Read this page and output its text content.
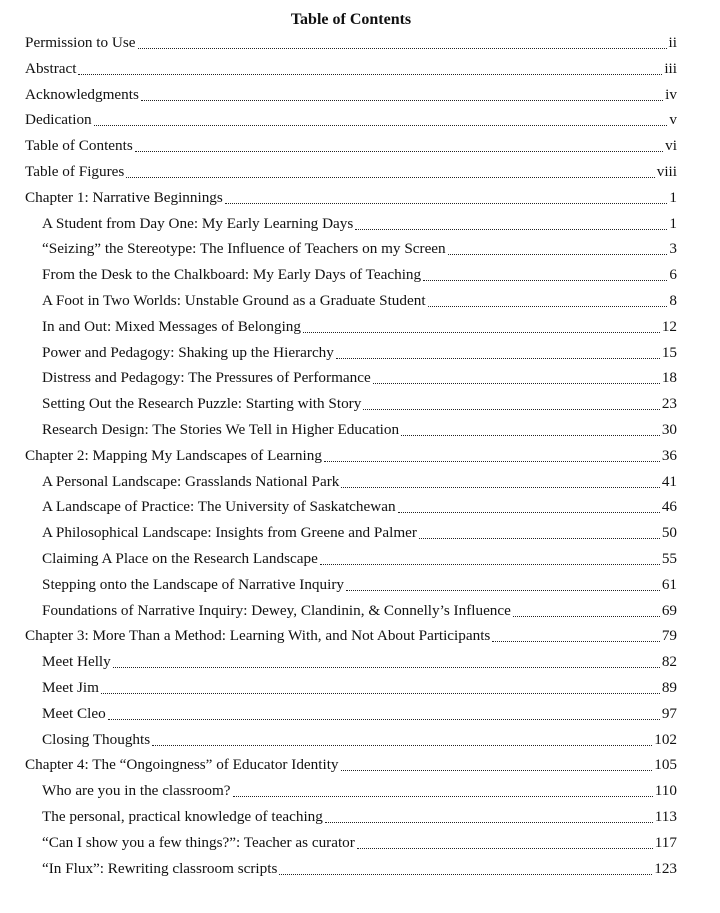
Table of Contents
Permission to Use	ii
Abstract	iii
Acknowledgments	iv
Dedication	v
Table of Contents	vi
Table of Figures	viii
Chapter 1: Narrative Beginnings	1
A Student from Day One: My Early Learning Days	1
“Seizing” the Stereotype: The Influence of Teachers on my Screen	3
From the Desk to the Chalkboard: My Early Days of Teaching	6
A Foot in Two Worlds: Unstable Ground as a Graduate Student	8
In and Out: Mixed Messages of Belonging	12
Power and Pedagogy: Shaking up the Hierarchy	15
Distress and Pedagogy: The Pressures of Performance	18
Setting Out the Research Puzzle: Starting with Story	23
Research Design: The Stories We Tell in Higher Education	30
Chapter 2: Mapping My Landscapes of Learning	36
A Personal Landscape: Grasslands National Park	41
A Landscape of Practice: The University of Saskatchewan	46
A Philosophical Landscape: Insights from Greene and Palmer	50
Claiming A Place on the Research Landscape	55
Stepping onto the Landscape of Narrative Inquiry	61
Foundations of Narrative Inquiry: Dewey, Clandinin, & Connelly’s Influence	69
Chapter 3: More Than a Method: Learning With, and Not About Participants	79
Meet Helly	82
Meet Jim	89
Meet Cleo	97
Closing Thoughts	102
Chapter 4: The “Ongoingness” of Educator Identity	105
Who are you in the classroom?	110
The personal, practical knowledge of teaching	113
“Can I show you a few things?”: Teacher as curator	117
“In Flux”: Rewriting classroom scripts	123
